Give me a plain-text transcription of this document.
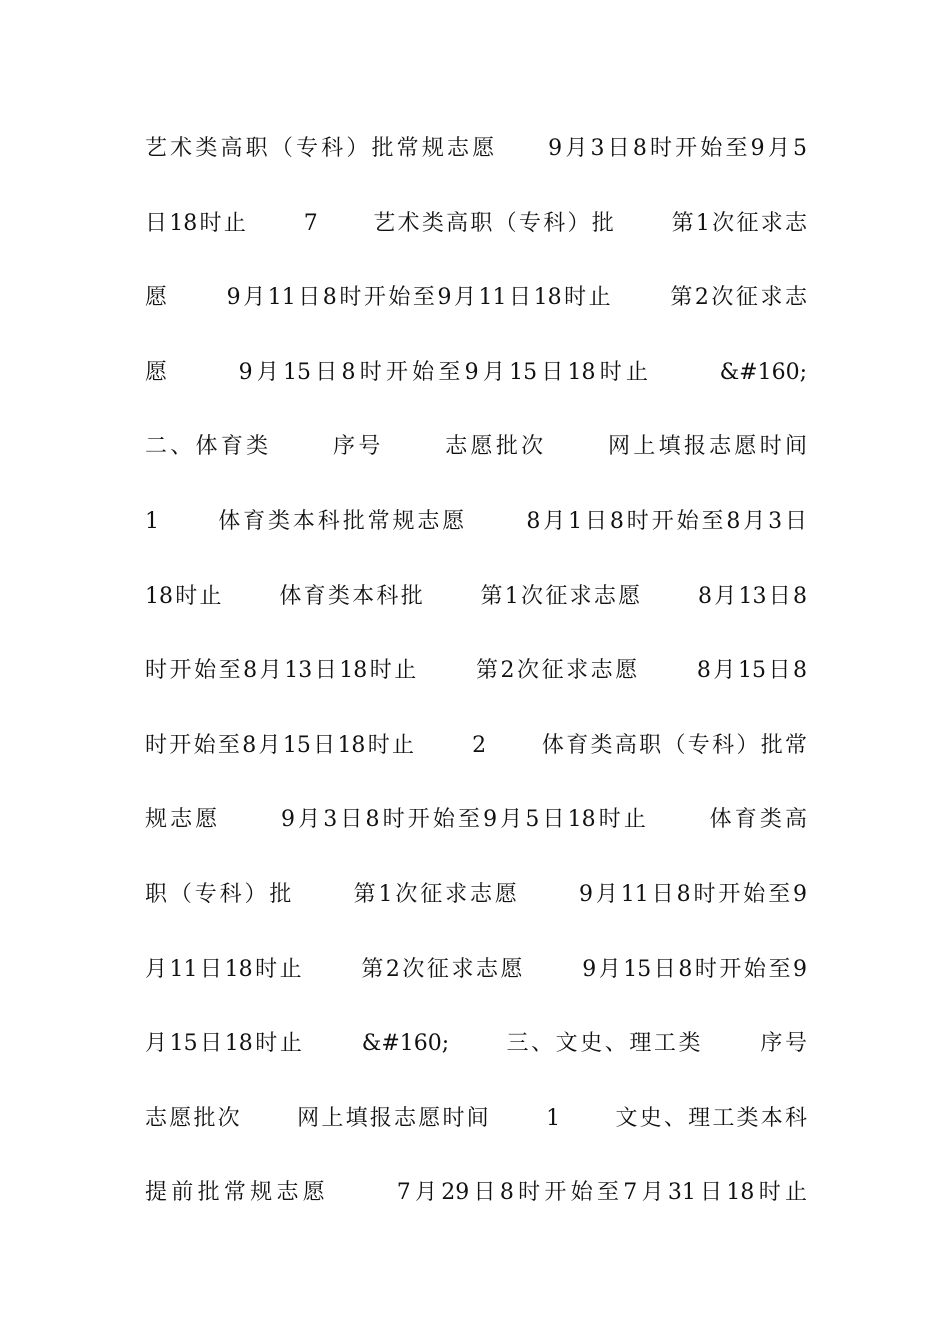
艺术类高职（专科）批常规志愿     9月3日8时开始至9月5
日18时止      7      艺术类高职（专科）批      第1次征求志
愿      9月11日8时开始至9月11日18时止      第2次征求志
愿      9月15日8时开始至9月15日18时止      &#160;
二、体育类      序号      志愿批次      网上填报志愿时间
1      体育类本科批常规志愿      8月1日8时开始至8月3日
18时止      体育类本科批      第1次征求志愿      8月13日8
时开始至8月13日18时止      第2次征求志愿      8月15日8
时开始至8月15日18时止      2      体育类高职（专科）批常
规志愿      9月3日8时开始至9月5日18时止      体育类高
职（专科）批      第1次征求志愿      9月11日8时开始至9
月11日18时止      第2次征求志愿      9月15日8时开始至9
月15日18时止      &#160;      三、文史、理工类      序号
志愿批次      网上填报志愿时间      1      文史、理工类本科
提前批常规志愿      7月29日8时开始至7月31日18时止
